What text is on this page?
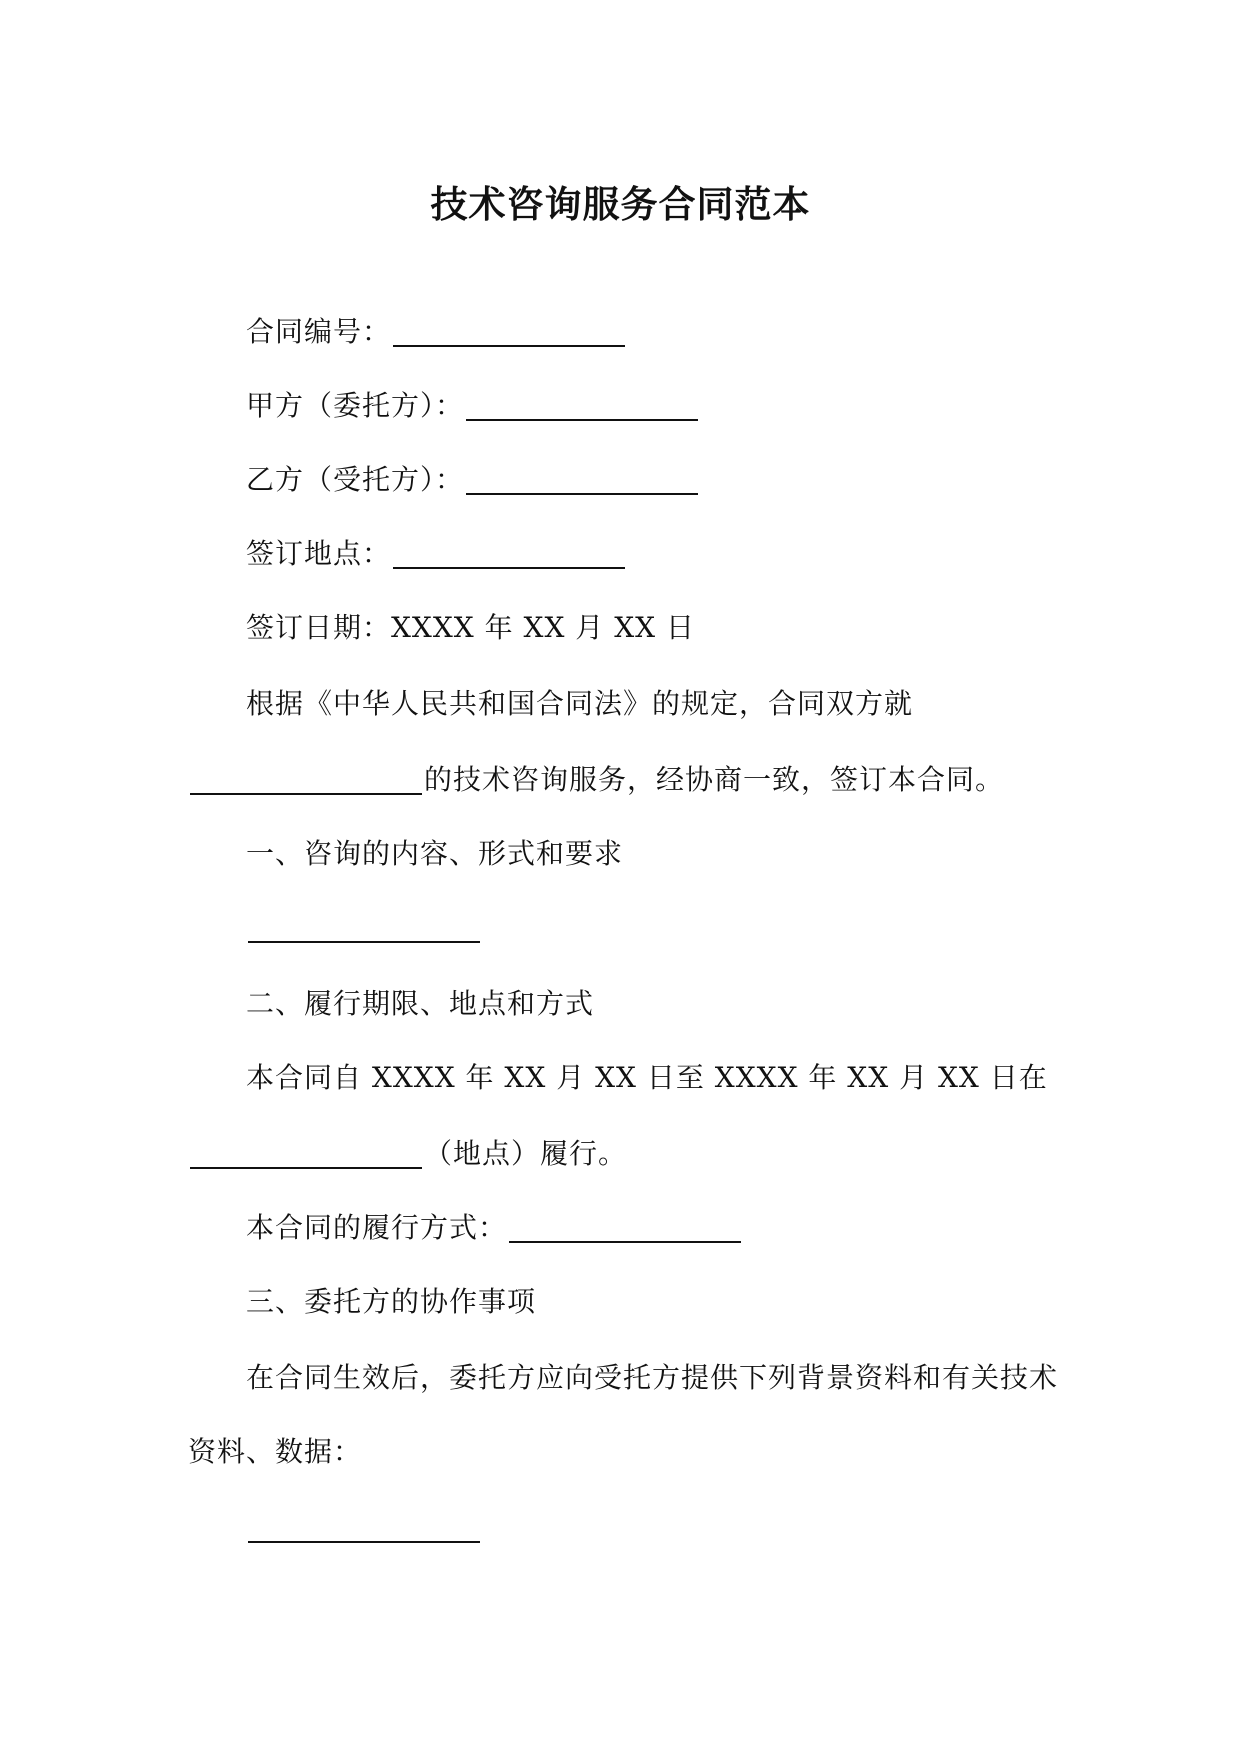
技术咨询服务合同范本
合同编号：
甲方（委托方）：
乙方（受托方）：
签订地点：
签订日期：XXXX 年 XX 月 XX 日
根据《中华人民共和国合同法》的规定，合同双方就
的技术咨询服务，经协商一致，签订本合同。
一、咨询的内容、形式和要求
二、履行期限、地点和方式
本合同自 XXXX 年 XX 月 XX 日至 XXXX 年 XX 月 XX 日在
（地点）履行。
本合同的履行方式：
三、委托方的协作事项
在合同生效后，委托方应向受托方提供下列背景资料和有关技术
资料、数据：
